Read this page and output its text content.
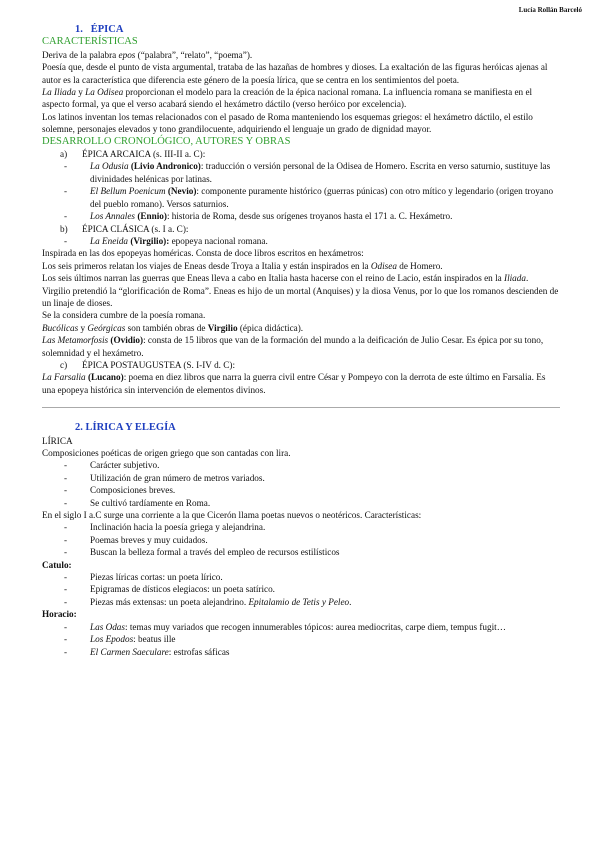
Lucía Rollán Barceló
1. ÉPICA
CARACTERÍSTICAS

Deriva de la palabra epos (“palabra”, “relato”, “poema”).

Poesía que, desde el punto de vista argumental, trataba de las hazañas de hombres y dioses. La exaltación de las figuras heróicas ajenas al autor es la característica que diferencia este género de la poesía lírica, que se centra en los sentimientos del poeta.

La Iliada y La Odisea proporcionan el modelo para la creación de la épica nacional romana. La influencia romana se manifiesta en el aspecto formal, ya que el verso acabará siendo el hexámetro dáctilo (verso heróico por excelencia).

Los latinos inventan los temas relacionados con el pasado de Roma manteniendo los esquemas griegos: el hexámetro dáctilo, el estilo solemne, personajes elevados y tono grandilocuente, adquiriendo el lenguaje un grado de dignidad mayor.

DESARROLLO CRONOLÓGICO, AUTORES Y OBRAS
a)	ÉPICA ARCAICA (s. III-II a. C):
-	La Odusia (Livio Andronico): traducción o versión personal de la Odisea de Homero. Escrita en verso saturnio, sustituye las divinidades helénicas por latinas.
-	El Bellum Poenicum (Nevio): componente puramente histórico (guerras púnicas) con otro mítico y legendario (origen troyano del pueblo romano). Versos saturnios.
-	Los Annales (Ennio): historia de Roma, desde sus orígenes troyanos hasta el 171 a. C. Hexámetro.
b)	ÉPICA CLÁSICA (s. I a. C):
-	La Eneida (Virgilio): epopeya nacional romana.

Inspirada en las dos epopeyas homéricas. Consta de doce libros escritos en hexámetros:

Los seis primeros relatan los viajes de Eneas desde Troya a Italia y están inspirados en la Odisea de Homero.

Los seis últimos narran las guerras que Eneas lleva a cabo en Italia hasta hacerse con el reino de Lacio, están inspirados en la Iliada.

Virgilio pretendió la “glorificación de Roma”. Eneas es hijo de un mortal (Anquises) y la diosa Venus, por lo que los romanos descienden de un linaje de dioses.

Se la considera cumbre de la poesía romana.

Bucólicas y Geórgicas son también obras de Virgilio (épica didáctica).

Las Metamorfosis (Ovidio): consta de 15 libros que van de la formación del mundo a la deificación de Julio Cesar. Es épica por su tono, solemnidad y el hexámetro.

c)	ÉPICA POSTAUGUSTEA (S. I-IV d. C):

La Farsalia (Lucano): poema en diez libros que narra la guerra civil entre César y Pompeyo con la derrota de este último en Farsalia. Es una epopeya histórica sin intervención de elementos divinos.

2. LÍRICA Y ELEGÍA
LÍRICA

Composiciones poéticas de origen griego que son cantadas con lira.

-	Carácter subjetivo.
-	Utilización de gran número de metros variados.
-	Composiciones breves.
-	Se cultivó tardíamente en Roma.

En el siglo I a.C surge una corriente a la que Cicerón llama poetas nuevos o neotéricos. Características:

-	Inclinación hacia la poesía griega y alejandrina.
-	Poemas breves y muy cuidados.
-	Buscan la belleza formal a través del empleo de recursos estilísticos
Catulo:
-	Piezas líricas cortas: un poeta lírico.
-	Epigramas de dísticos elegiacos: un poeta satírico.
-	Piezas más extensas: un poeta alejandrino. Epitalamio de Tetis y Peleo.
Horacio:
-	Las Odas: temas muy variados que recogen innumerables tópicos: aurea mediocritas, carpe diem, tempus fugit…
-	Los Epodos: beatus ille
-	El Carmen Saeculare: estrofas sáficas
